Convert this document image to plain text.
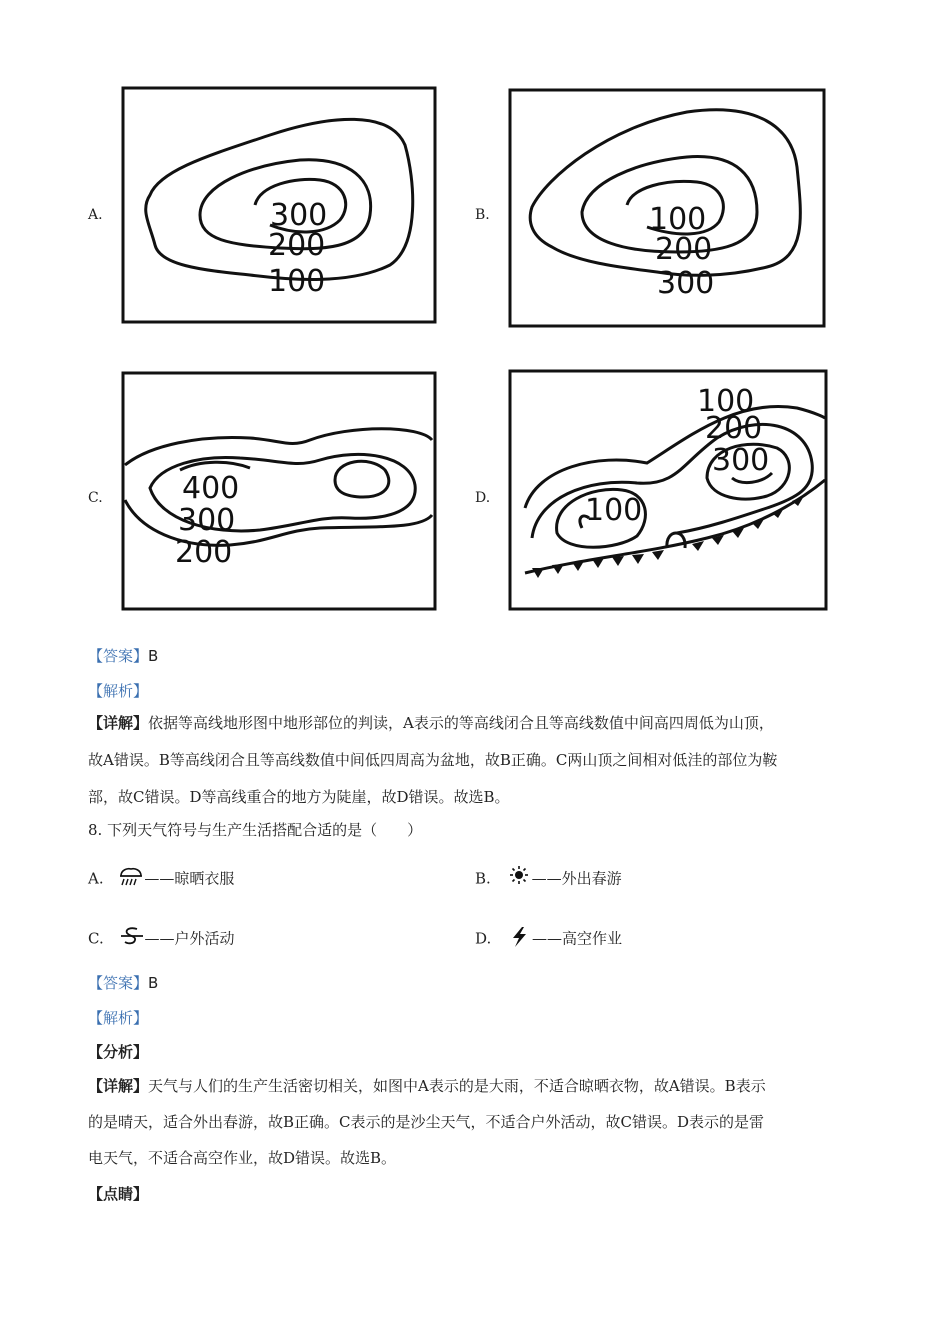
A.	B.
C.	D.
300
200
100
100
200
300
400
300
200
100
200
300
100
【答案】B
【解析】
【详解】依据等高线地形图中地形部位的判读，A表示的等高线闭合且等高线数值中间高四周低为山顶，
故A错误。B等高线闭合且等高线数值中间低四周高为盆地，故B正确。C两山顶之间相对低洼的部位为鞍
部，故C错误。D等高线重合的地方为陡崖，故D错误。故选B。
8. 下列天气符号与生产生活搭配合适的是（　　）
A.	——晾晒衣服	B.	——外出春游
C.	——户外活动	D.	——高空作业
【答案】B
【解析】
【分析】
【详解】天气与人们的生产生活密切相关，如图中A表示的是大雨，不适合晾晒衣物，故A错误。B表示
的是晴天，适合外出春游，故B正确。C表示的是沙尘天气，不适合户外活动，故C错误。D表示的是雷
电天气，不适合高空作业，故D错误。故选B。
【点睛】
